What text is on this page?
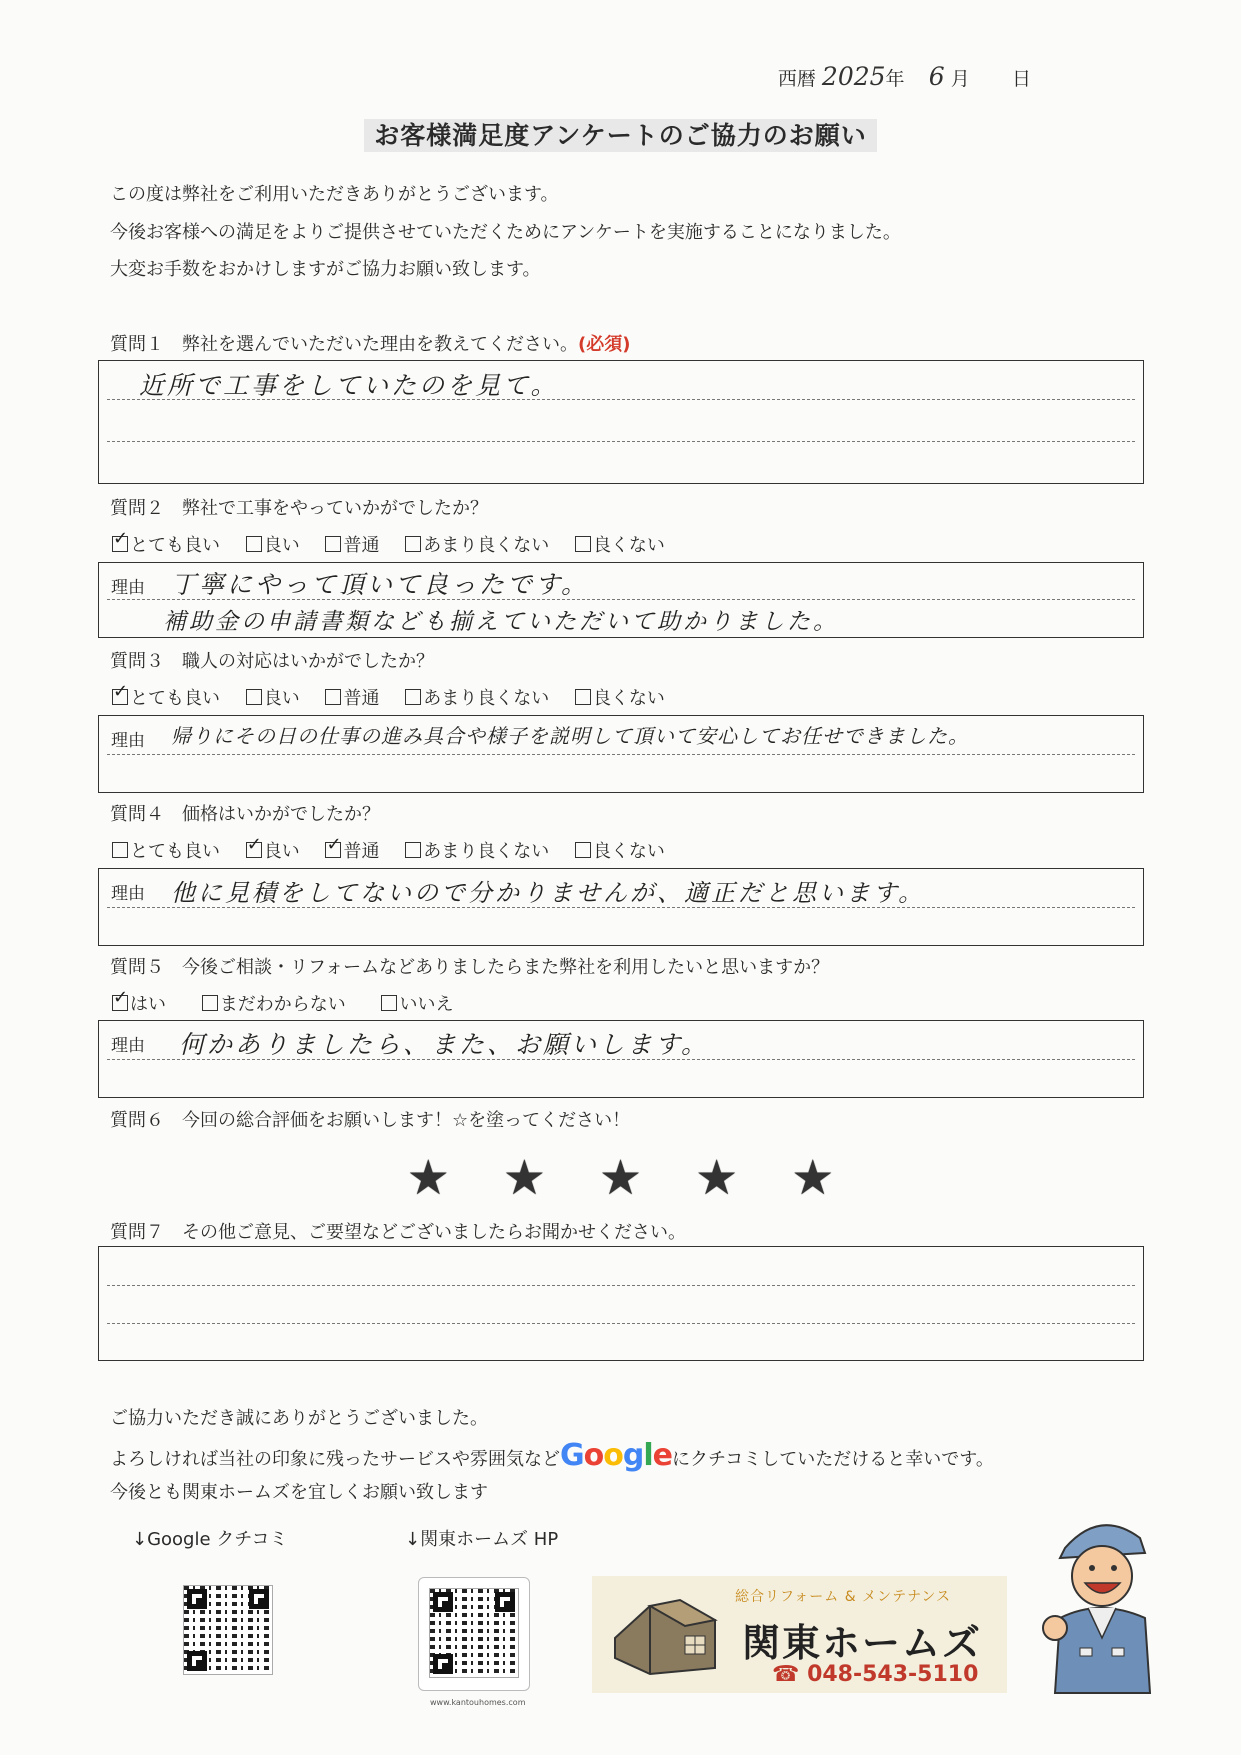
西暦 2025年 6 月 日
お客様満足度アンケートのご協力のお願い
この度は弊社をご利用いただきありがとうございます。
今後お客様への満足をよりご提供させていただくためにアンケートを実施することになりました。
大変お手数をおかけしますがご協力お願い致します。
質問１　弊社を選んでいただいた理由を教えてください。(必須)
近所で工事をしていたのを見て。
質問２　弊社で工事をやっていかがでしたか？
✓とても良い 良い 普通 あまり良くない 良くない
理由 丁寧にやって頂いて良ったです。
補助金の申請書類なども揃えていただいて助かりました。
質問３　職人の対応はいかがでしたか？
✓とても良い 良い 普通 あまり良くない 良くない
理由 帰りにその日の仕事の進み具合や様子を説明して頂いて安心してお任せできました。
質問４　価格はいかがでしたか？
とても良い ✓ 良い ✓ 普通 あまり良くない 良くない
理由 他に見積をしてないので分かりませんが、適正だと思います。
質問５　今後ご相談・リフォームなどありましたらまた弊社を利用したいと思いますか？
✓はい	まだわからない	いいえ
理由 何かありましたら、また、お願いします。
質問６　今回の総合評価をお願いします！☆を塗ってください！
★ ★ ★ ★ ★
質問７　その他ご意見、ご要望などございましたらお聞かせください。
ご協力いただき誠にありがとうございました。
よろしければ当社の印象に残ったサービスや雰囲気などGoogleにクチコミしていただけると幸いです。
今後とも関東ホームズを宜しくお願い致します
↓Google クチコミ	↓関東ホームズ HP
www.kantouhomes.com
総合リフォーム & メンテナンス
関東ホームズ
☎ 048-543-5110
